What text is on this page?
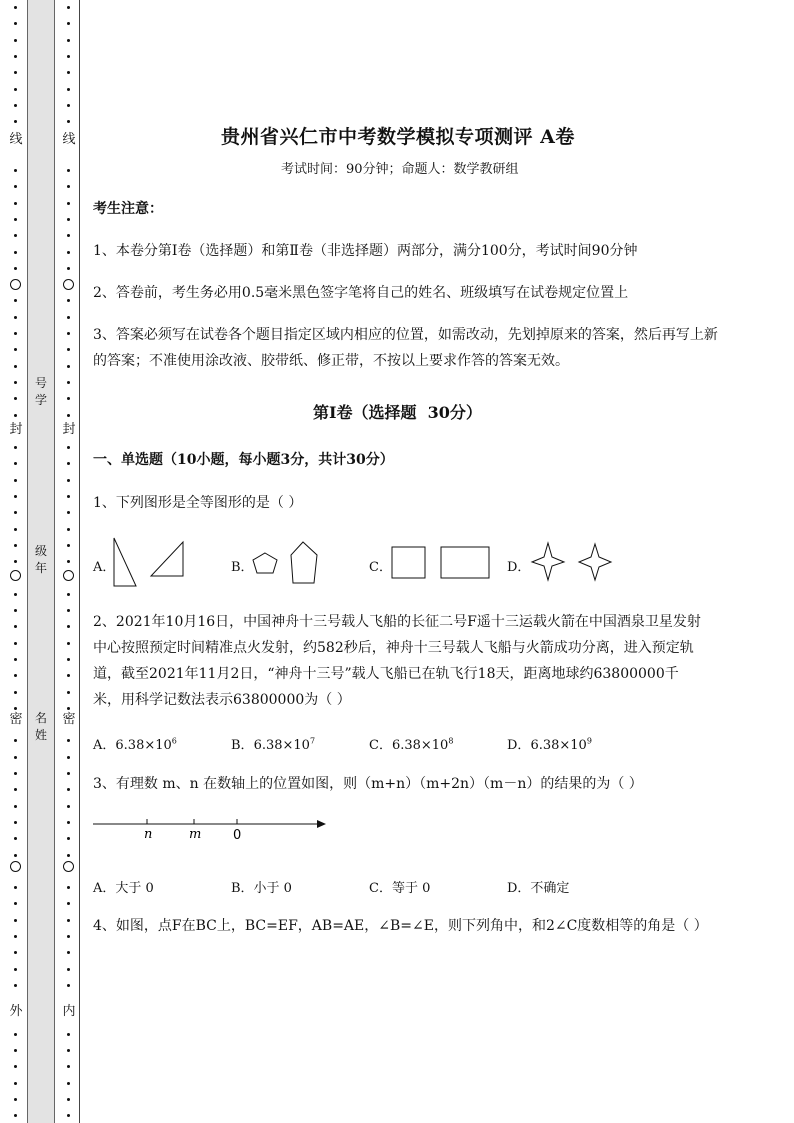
线
封
密
外
号
学
级
年
名
姓
线
封
密
内
贵州省兴仁市中考数学模拟专项测评 A卷
考试时间：90分钟；命题人：数学教研组
考生注意：
1、本卷分第I卷（选择题）和第Ⅱ卷（非选择题）两部分，满分100分，考试时间90分钟
2、答卷前，考生务必用0.5毫米黑色签字笔将自己的姓名、班级填写在试卷规定位置上
3、答案必须写在试卷各个题目指定区域内相应的位置，如需改动，先划掉原来的答案，然后再写上新
的答案；不准使用涂改液、胶带纸、修正带，不按以上要求作答的答案无效。
第I卷（选择题  30分）
一、单选题（10小题，每小题3分，共计30分）
1、下列图形是全等图形的是（ ）
A．	B．	C．	D．
2、2021年10月16日，中国神舟十三号载人飞船的长征二号F遥十三运载火箭在中国酒泉卫星发射
中心按照预定时间精准点火发射，约582秒后，神舟十三号载人飞船与火箭成功分离，进入预定轨
道，截至2021年11月2日，“神舟十三号”载人飞船已在轨飞行18天，距离地球约63800000千
米，用科学记数法表示63800000为（ ）
A．$6.38\times 10^6$	B．$6.38\times 10^7$	C．$6.38\times 10^8$	D．$6.38\times 10^9$
3、有理数 m、n 在数轴上的位置如图，则（m+n）（m+2n）（m－n）的结果的为（ ）
n	m 0
A．大于 0	B．小于 0	C．等于 0	D．不确定
4、如图，点F在BC上，BC=EF，AB=AE，∠B=∠E，则下列角中，和2∠C度数相等的角是（ ）
